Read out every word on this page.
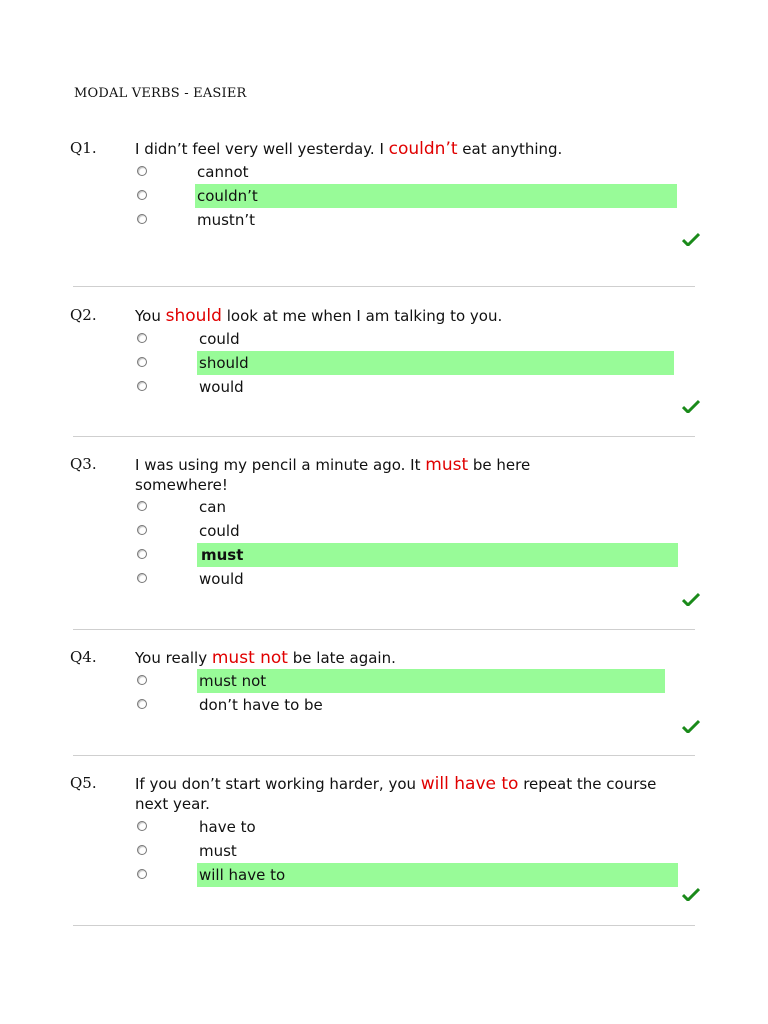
MODAL VERBS - EASIER
Q1.	I didn’t feel very well yesterday. I couldn’t eat anything.
cannot
couldn’t
mustn’t
Q2.	You should look at me when I am talking to you.
could
should
would
Q3.	I was using my pencil a minute ago. It must be here somewhere!
can
could
must
would
Q4.	You really must not be late again.
must not
don’t have to be
Q5.	If you don’t start working harder, you will have to repeat the course next year.
have to
must
will have to
